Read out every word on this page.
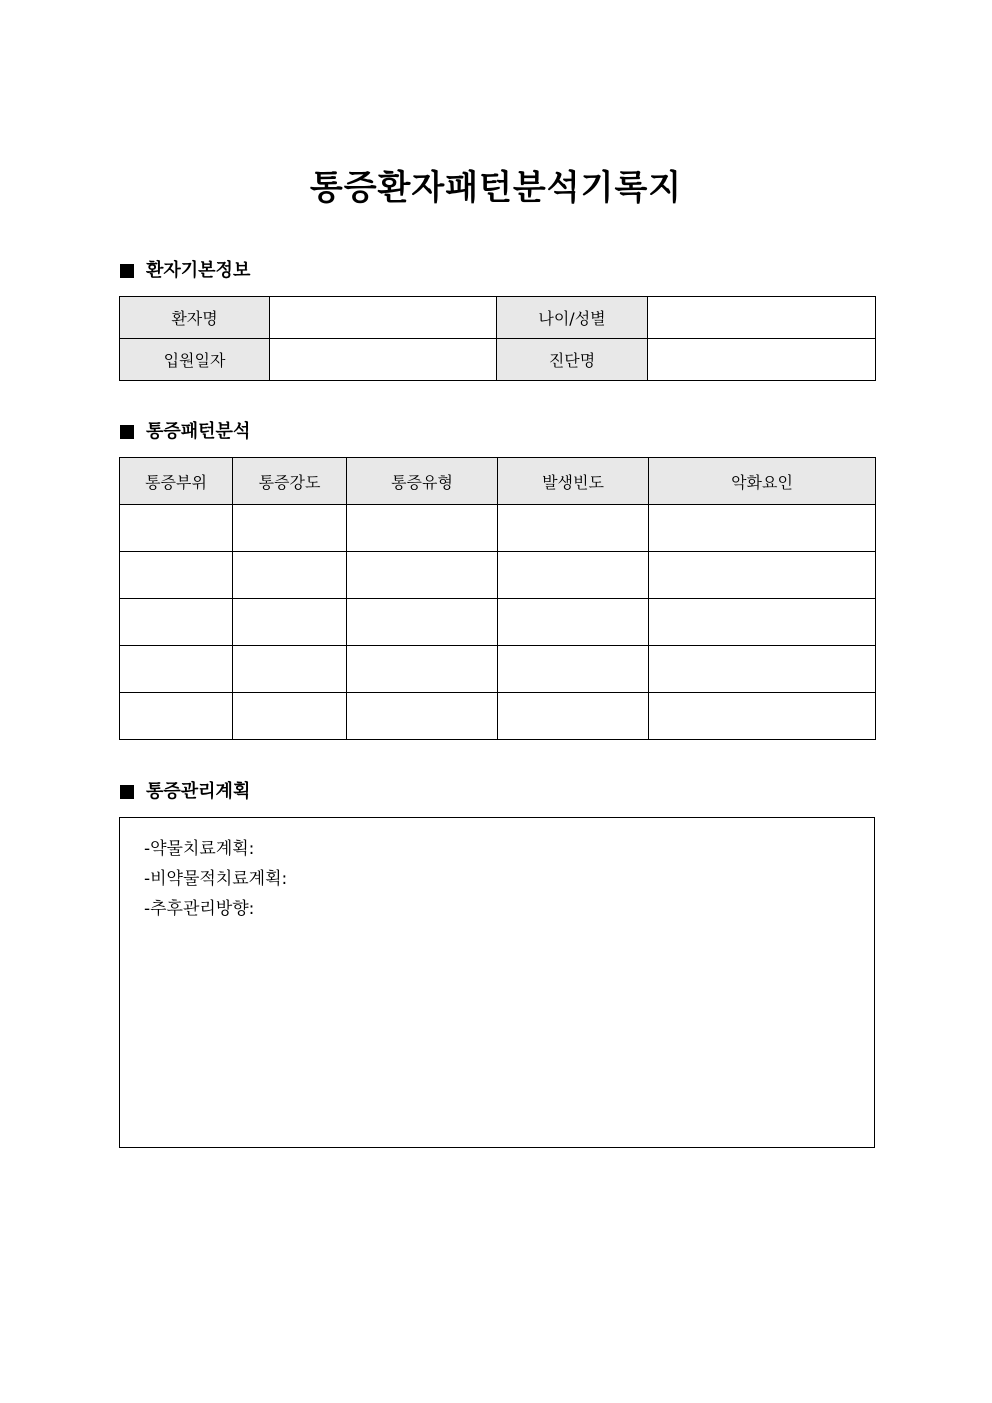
통증환자패턴분석기록지
환자기본정보
환자명		나이/성별	
입원일자		진단명	
통증패턴분석
통증부위	통증강도	통증유형	발생빈도	악화요인

통증관리계획
-약물치료계획:
-비약물적치료계획:
-추후관리방향:
